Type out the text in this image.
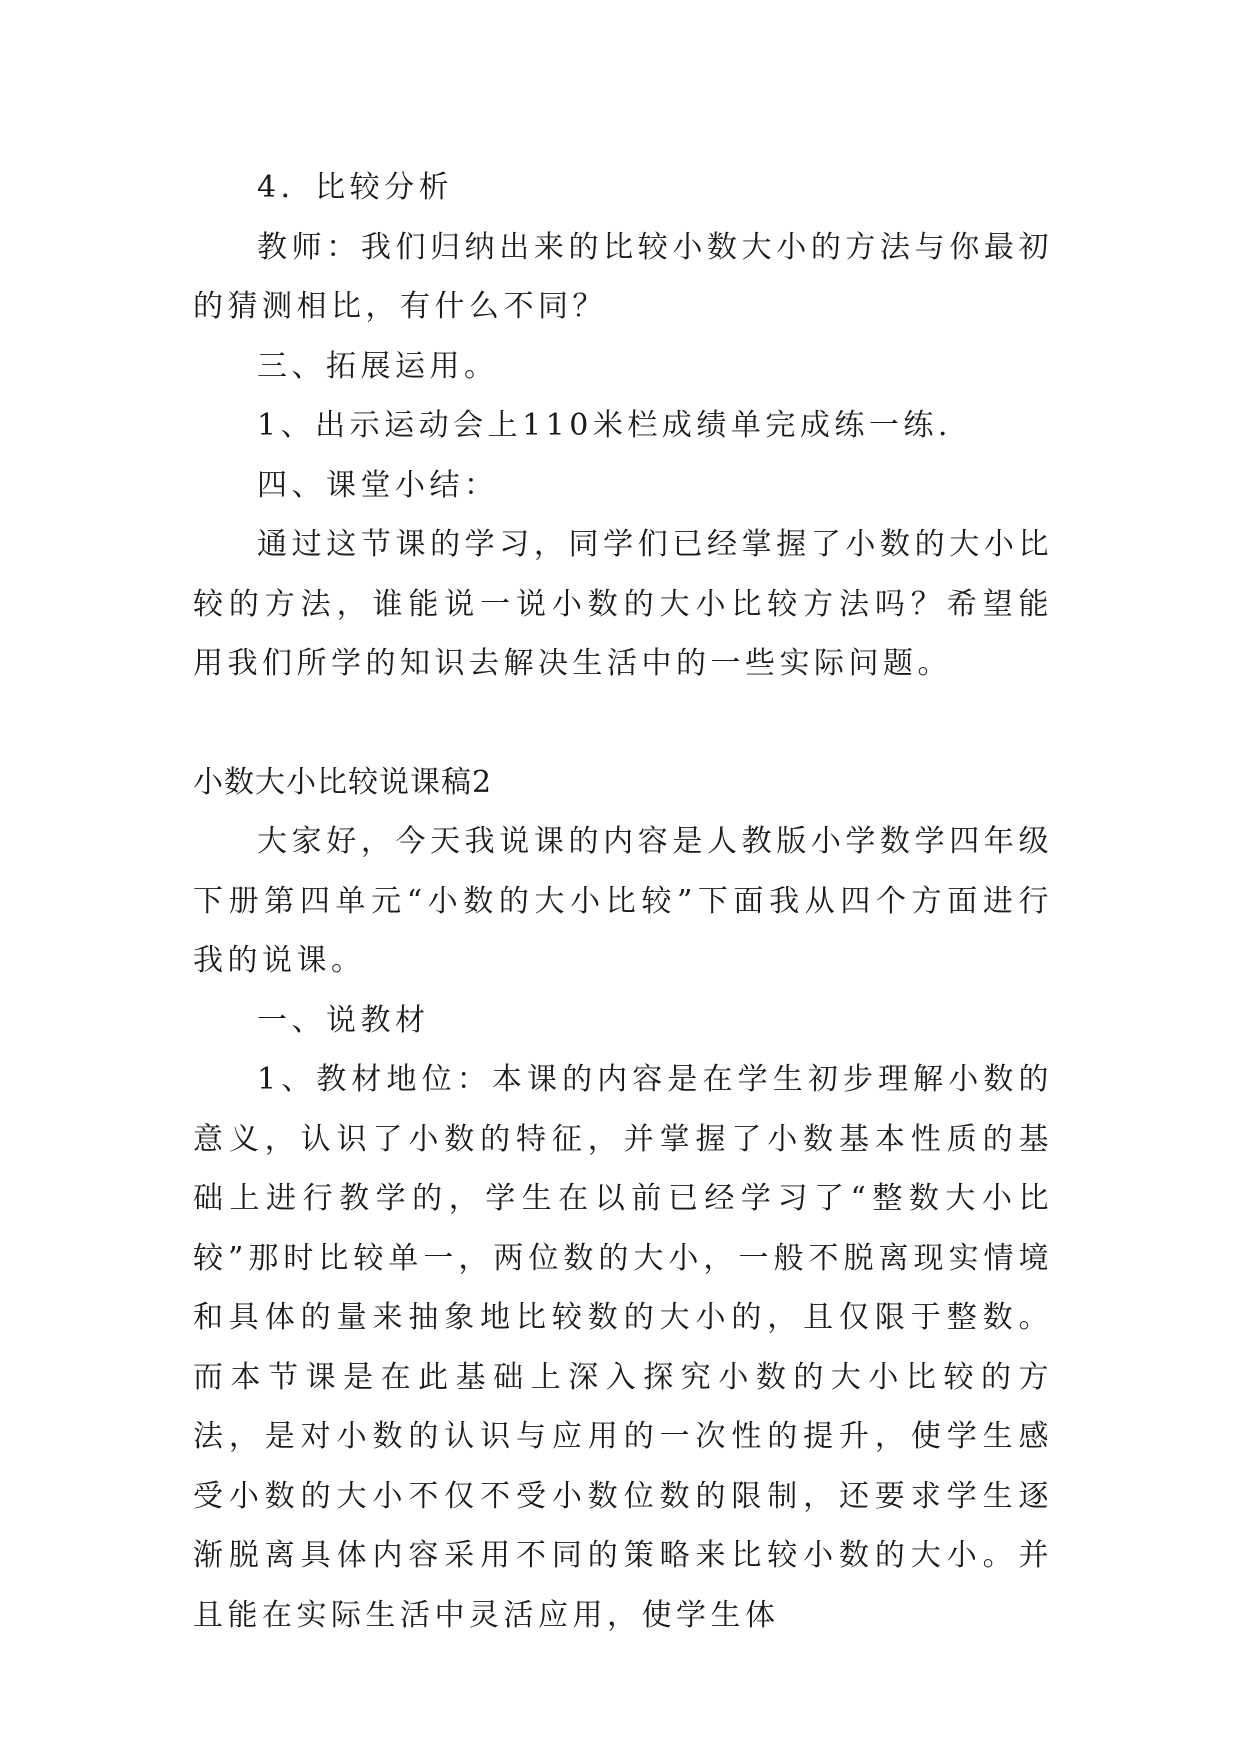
4．比较分析

教师：我们归纳出来的比较小数大小的方法与你最初的猜测相比，有什么不同？

三、拓展运用。

1、出示运动会上110米栏成绩单完成练一练.

四、课堂小结：

通过这节课的学习，同学们已经掌握了小数的大小比较的方法，谁能说一说小数的大小比较方法吗？希望能用我们所学的知识去解决生活中的一些实际问题。

小数大小比较说课稿2

大家好，今天我说课的内容是人教版小学数学四年级下册第四单元“小数的大小比较”下面我从四个方面进行我的说课。

一、说教材

1、教材地位：本课的内容是在学生初步理解小数的意义，认识了小数的特征，并掌握了小数基本性质的基础上进行教学的，学生在以前已经学习了“整数大小比较”那时比较单一，两位数的大小，一般不脱离现实情境和具体的量来抽象地比较数的大小的，且仅限于整数。而本节课是在此基础上深入探究小数的大小比较的方法，是对小数的认识与应用的一次性的提升，使学生感受小数的大小不仅不受小数位数的限制，还要求学生逐渐脱离具体内容采用不同的策略来比较小数的大小。并且能在实际生活中灵活应用，使学生体
